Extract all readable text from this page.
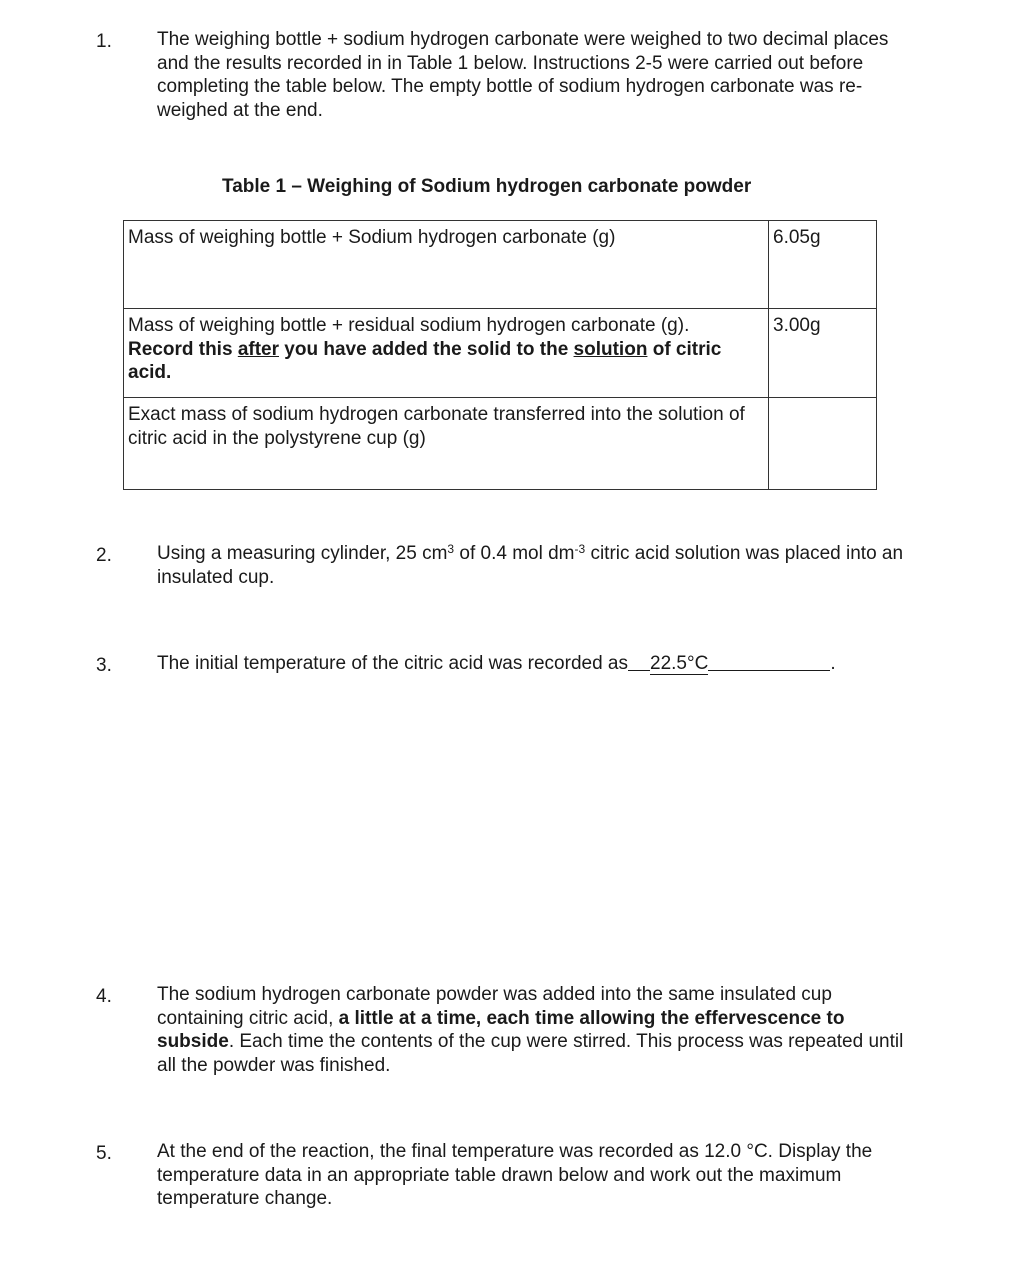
1. The weighing bottle + sodium hydrogen carbonate were weighed to two decimal places and the results recorded in in Table 1 below. Instructions 2-5 were carried out before completing the table below. The empty bottle of sodium hydrogen carbonate was re-weighed at the end.

Table 1 – Weighing of Sodium hydrogen carbonate powder
Mass of weighing bottle + Sodium hydrogen carbonate (g)	6.05g
Mass of weighing bottle + residual sodium hydrogen carbonate (g).
Record this after you have added the solid to the solution of citric acid.	3.00g
Exact mass of sodium hydrogen carbonate transferred into the solution of citric acid in the polystyrene cup (g)	
2. Using a measuring cylinder, 25 $cm^3$ of 0.4 mol $dm^{-3}$ citric acid solution was placed into an insulated cup.

3. The initial temperature of the citric acid was recorded as 22.5°C	.

4. The sodium hydrogen carbonate powder was added into the same insulated cup containing citric acid, a little at a time, each time allowing the effervescence to subside. Each time the contents of the cup were stirred. This process was repeated until all the powder was finished.

5. At the end of the reaction, the final temperature was recorded as 12.0 °C. Display the temperature data in an appropriate table drawn below and work out the maximum temperature change.
